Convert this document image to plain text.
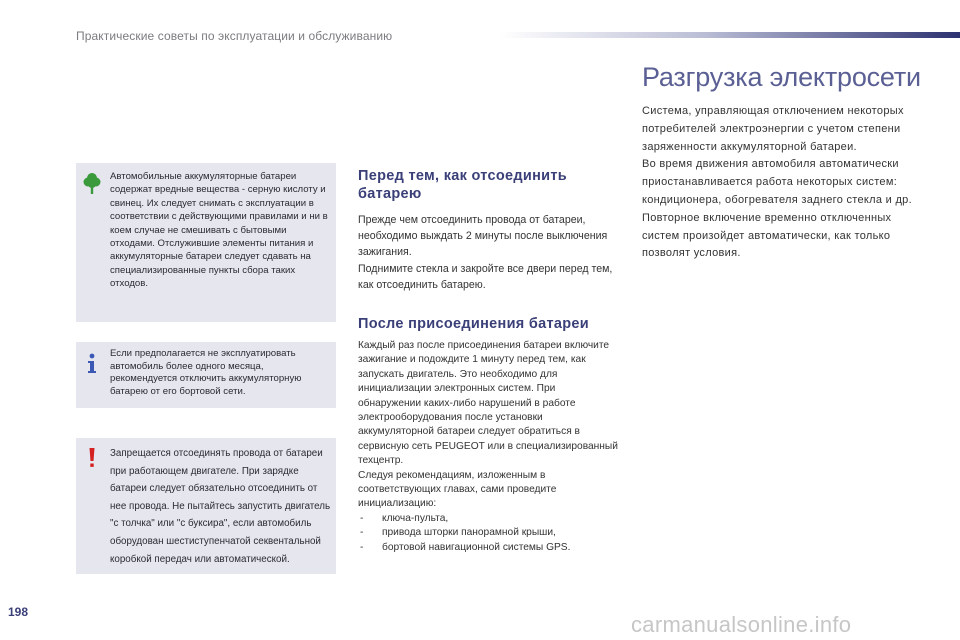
Практические советы по эксплуатации и обслуживанию

Автомобильные аккумуляторные батареи содержат вредные вещества - серную кислоту и свинец. Их следует снимать с эксплуатации в соответствии с действующими правилами и ни в коем случае не смешивать с бытовыми отходами. Отслужившие элементы питания и аккумуляторные батареи следует сдавать на специализированные пункты сбора таких отходов.

Если предполагается не эксплуатировать автомобиль более одного месяца, рекомендуется отключить аккумуляторную батарею от его бортовой сети.

Запрещается отсоединять провода от батареи при работающем двигателе. При зарядке батареи следует обязательно отсоединить от нее провода. Не пытайтесь запустить двигатель "с толчка" или "с буксира", если автомобиль оборудован шестиступенчатой секвентальной коробкой передач или автоматической.

Перед тем, как отсоединить батарею

Прежде чем отсоединить провода от батареи, необходимо выждать 2 минуты после выключения зажигания.

Поднимите стекла и закройте все двери перед тем, как отсоединить батарею.

После присоединения батареи

Каждый раз после присоединения батареи включите зажигание и подождите 1 минуту перед тем, как запускать двигатель. Это необходимо для инициализации электронных систем. При обнаружении каких-либо нарушений в работе электрооборудования после установки аккумуляторной батареи следует обратиться в сервисную сеть PEUGEOT или в специализированный техцентр.

Следуя рекомендациям, изложенным в соответствующих главах, сами проведите инициализацию:

- ключа-пульта,
- привода шторки панорамной крыши,
- бортовой навигационной системы GPS.
Разгрузка электросети

Система, управляющая отключением некоторых потребителей электроэнергии с учетом степени заряженности аккумуляторной батареи.

Во время движения автомобиля автоматически приостанавливается работа некоторых систем: кондиционера, обогревателя заднего стекла и др.

Повторное включение временно отключенных систем произойдет автоматически, как только позволят условия.

198	carmanualsonline.info
